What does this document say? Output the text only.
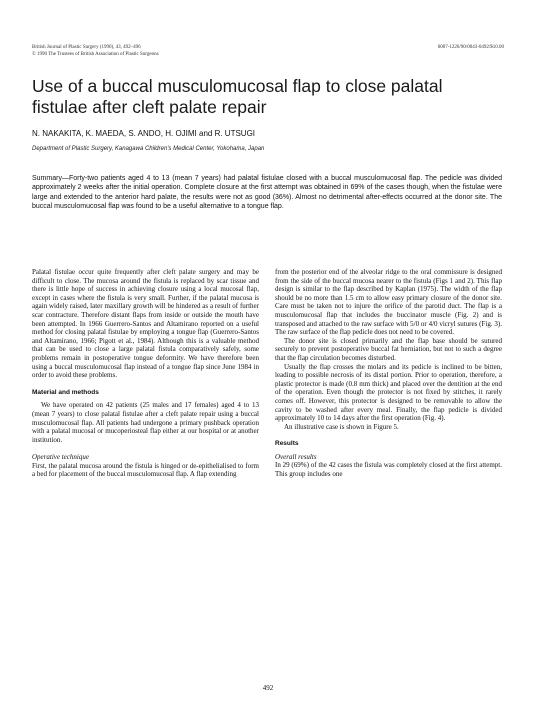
British Journal of Plastic Surgery (1990), 43, 492–496
© 1990 The Trustees of British Association of Plastic Surgeons
0007-1226/90/0043-0492/$10.00
Use of a buccal musculomucosal flap to close palatal fistulae after cleft palate repair
N. NAKAKITA, K. MAEDA, S. ANDO, H. OJIMI and R. UTSUGI
Department of Plastic Surgery, Kanagawa Children's Medical Center, Yokohama, Japan

Summary—Forty-two patients aged 4 to 13 (mean 7 years) had palatal fistulae closed with a buccal musculomucosal flap. The pedicle was divided approximately 2 weeks after the initial operation. Complete closure at the first attempt was obtained in 69% of the cases though, when the fistulae were large and extended to the anterior hard palate, the results were not as good (36%). Almost no detrimental after-effects occurred at the donor site. The buccal musculomucosal flap was found to be a useful alternative to a tongue flap.

Palatal fistulae occur quite frequently after cleft palate surgery and may be difficult to close. The mucosa around the fistula is replaced by scar tissue and there is little hope of success in achieving closure using a local mucosal flap, except in cases where the fistula is very small. Further, if the palatal mucosa is again widely raised, later maxillary growth will be hindered as a result of further scar contracture. Therefore distant flaps from inside or outside the mouth have been attempted. In 1966 Guerrero-Santos and Altamirano reported on a useful method for closing palatal fistulae by employing a tongue flap (Guerrero-Santos and Altamirano, 1966; Pigott et al., 1984). Although this is a valuable method that can be used to close a large palatal fistula comparatively safely, some problems remain in postoperative tongue deformity. We have therefore been using a buccal musculomucosal flap instead of a tongue flap since June 1984 in order to avoid these problems.

Material and methods

We have operated on 42 patients (25 males and 17 females) aged 4 to 13 (mean 7 years) to close palatal fistulae after a cleft palate repair using a buccal musculomucosal flap. All patients had undergone a primary pushback operation with a palatal mucosal or mucoperiosteal flap either at our hospital or at another institution.

Operative technique

First, the palatal mucosa around the fistula is hinged or de-epithelialised to form a bed for placement of the buccal musculomucosal flap. A flap extending

from the posterior end of the alveolar ridge to the oral commissure is designed from the side of the buccal mucosa nearer to the fistula (Figs 1 and 2). This flap design is similar to the flap described by Kaplan (1975). The width of the flap should be no more than 1.5 cm to allow easy primary closure of the donor site. Care must be taken not to injure the orifice of the parotid duct. The flap is a musculomucosal flap that includes the buccinator muscle (Fig. 2) and is transposed and attached to the raw surface with 5/0 or 4/0 vicryl sutures (Fig. 3). The raw surface of the flap pedicle does not need to be covered.

The donor site is closed primarily and the flap base should be sutured securely to prevent postoperative buccal fat herniation, but not to such a degree that the flap circulation becomes disturbed.

Usually the flap crosses the molars and its pedicle is inclined to be bitten, leading to possible necrosis of its distal portion. Prior to operation, therefore, a plastic protector is made (0.8 mm thick) and placed over the dentition at the end of the operation. Even though the protector is not fixed by stitches, it rarely comes off. However, this protector is designed to be removable to allow the cavity to be washed after every meal. Finally, the flap pedicle is divided approximately 10 to 14 days after the first operation (Fig. 4).

An illustrative case is shown in Figure 5.

Results

Overall results

In 29 (69%) of the 42 cases the fistula was completely closed at the first attempt. This group includes one

492
